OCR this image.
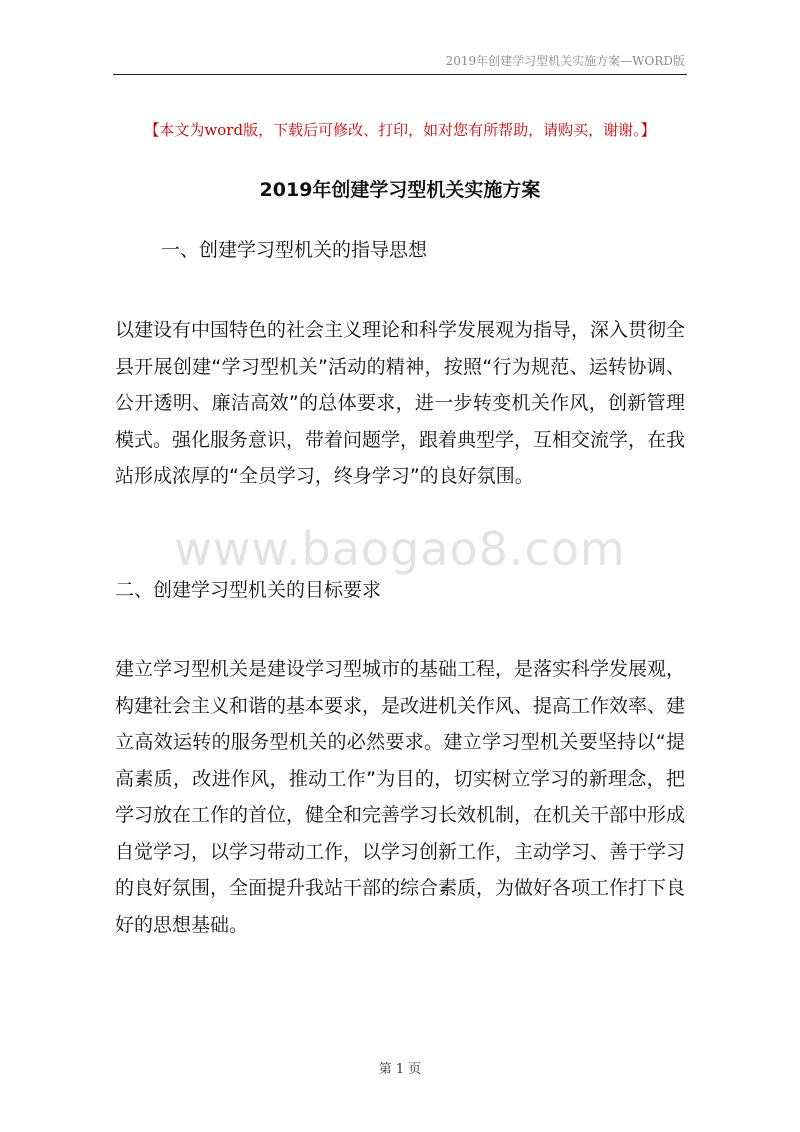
2019年创建学习型机关实施方案—WORD版
【本文为word版，下载后可修改、打印，如对您有所帮助，请购买，谢谢。】
2019年创建学习型机关实施方案
一、创建学习型机关的指导思想

以建设有中国特色的社会主义理论和科学发展观为指导，深入贯彻全县开展创建“学习型机关”活动的精神，按照“行为规范、运转协调、公开透明、廉洁高效”的总体要求，进一步转变机关作风，创新管理模式。强化服务意识，带着问题学，跟着典型学，互相交流学，在我站形成浓厚的“全员学习，终身学习”的良好氛围。

www.baogao8.com
二、创建学习型机关的目标要求

建立学习型机关是建设学习型城市的基础工程，是落实科学发展观，构建社会主义和谐的基本要求，是改进机关作风、提高工作效率、建立高效运转的服务型机关的必然要求。建立学习型机关要坚持以“提高素质，改进作风，推动工作”为目的，切实树立学习的新理念，把学习放在工作的首位，健全和完善学习长效机制，在机关干部中形成自觉学习，以学习带动工作，以学习创新工作，主动学习、善于学习的良好氛围，全面提升我站干部的综合素质，为做好各项工作打下良好的思想基础。

第 1 页
